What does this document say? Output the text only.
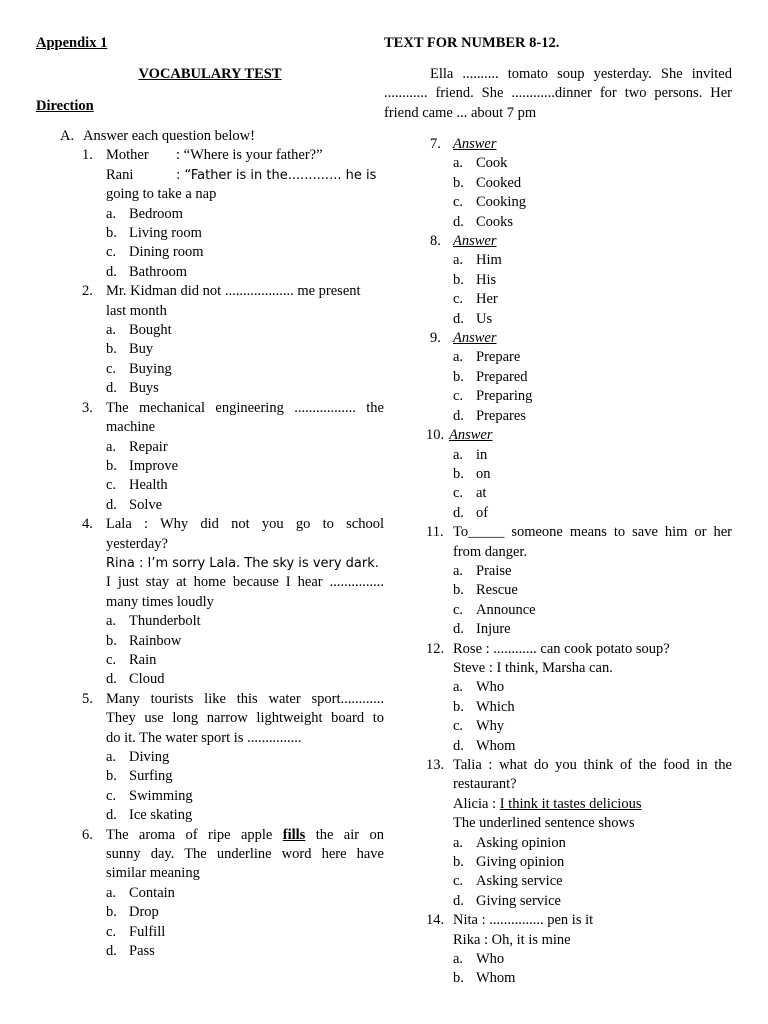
Appendix 1
VOCABULARY TEST
Direction
A. Answer each question below!
1. Mother	: “Where is your father?”
Rani	: “Father is in the............. he is
going to take a nap
a. Bedroom
b. Living room
c. Dining room
d. Bathroom
2. Mr. Kidman did not ................... me present
last month
a. Bought
b. Buy
c. Buying
d. Buys
3. The mechanical engineering ................. the
machine
a. Repair
b. Improve
c. Health
d. Solve
4. Lala : Why did not you go to school
yesterday?
Rina : I’m sorry Lala. The sky is very dark.
I just stay at home because I hear ...............
many times loudly
a. Thunderbolt
b. Rainbow
c. Rain
d. Cloud
5. Many tourists like this water sport............
They use long narrow lightweight board to
do it. The water sport is ...............
a. Diving
b. Surfing
c. Swimming
d. Ice skating
6. The aroma of ripe apple fills the air on
sunny day. The underline word here have
similar meaning
a. Contain
b. Drop
c. Fulfill
d. Pass
TEXT FOR NUMBER 8-12.
Ella .......... tomato soup yesterday. She invited
............ friend. She ............dinner for two persons. Her
friend came ... about 7 pm
7. Answer
a. Cook
b. Cooked
c. Cooking
d. Cooks
8. Answer
a. Him
b. His
c. Her
d. Us
9. Answer
a. Prepare
b. Prepared
c. Preparing
d. Prepares
10. Answer
a. in
b. on
c. at
d. of
11. To_____ someone means to save him or her
from danger.
a. Praise
b. Rescue
c. Announce
d. Injure
12. Rose : ............ can cook potato soup?
Steve : I think, Marsha can.
a. Who
b. Which
c. Why
d. Whom
13. Talia : what do you think of the food in the
restaurant?
Alicia : I think it tastes delicious
The underlined sentence shows
a. Asking opinion
b. Giving opinion
c. Asking service
d. Giving service
14. Nita : ............... pen is it
Rika : Oh, it is mine
a. Who
b. Whom
